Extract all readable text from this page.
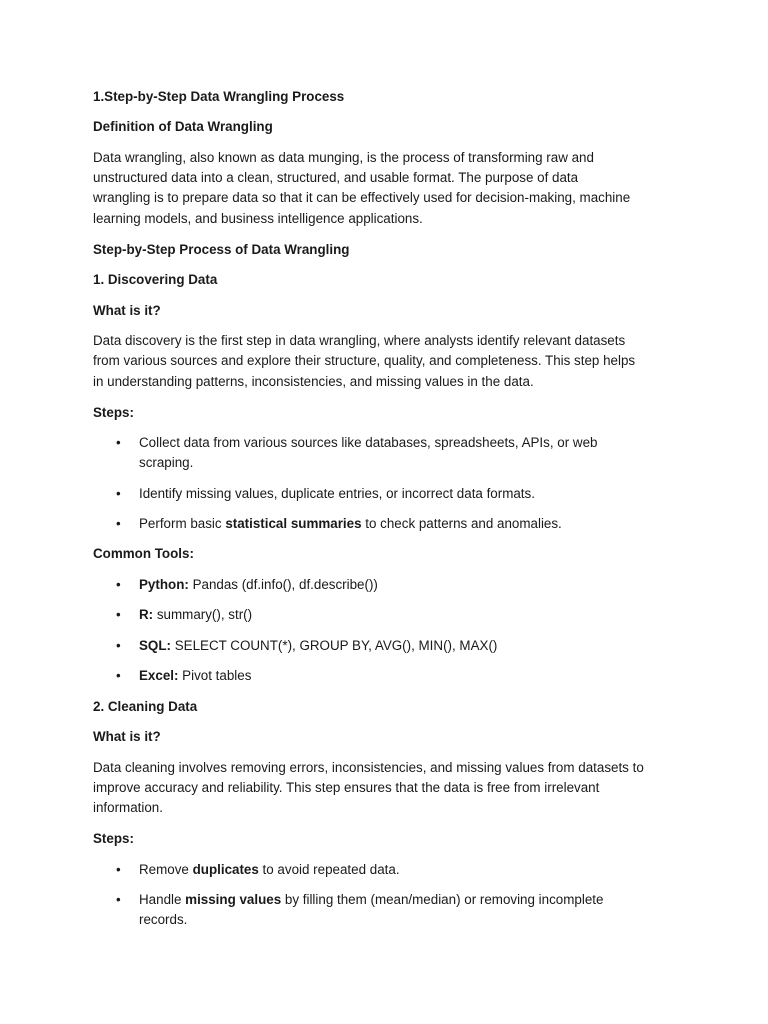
1.Step-by-Step Data Wrangling Process
Definition of Data Wrangling
Data wrangling, also known as data munging, is the process of transforming raw and
unstructured data into a clean, structured, and usable format. The purpose of data
wrangling is to prepare data so that it can be effectively used for decision-making, machine
learning models, and business intelligence applications.
Step-by-Step Process of Data Wrangling
1. Discovering Data
What is it?
Data discovery is the first step in data wrangling, where analysts identify relevant datasets
from various sources and explore their structure, quality, and completeness. This step helps
in understanding patterns, inconsistencies, and missing values in the data.
Steps:
• Collect data from various sources like databases, spreadsheets, APIs, or web
scraping.
• Identify missing values, duplicate entries, or incorrect data formats.
• Perform basic statistical summaries to check patterns and anomalies.
Common Tools:
• Python: Pandas (df.info(), df.describe())
• R: summary(), str()
• SQL: SELECT COUNT(*), GROUP BY, AVG(), MIN(), MAX()
• Excel: Pivot tables
2. Cleaning Data
What is it?
Data cleaning involves removing errors, inconsistencies, and missing values from datasets to
improve accuracy and reliability. This step ensures that the data is free from irrelevant
information.
Steps:
• Remove duplicates to avoid repeated data.
• Handle missing values by filling them (mean/median) or removing incomplete
records.
